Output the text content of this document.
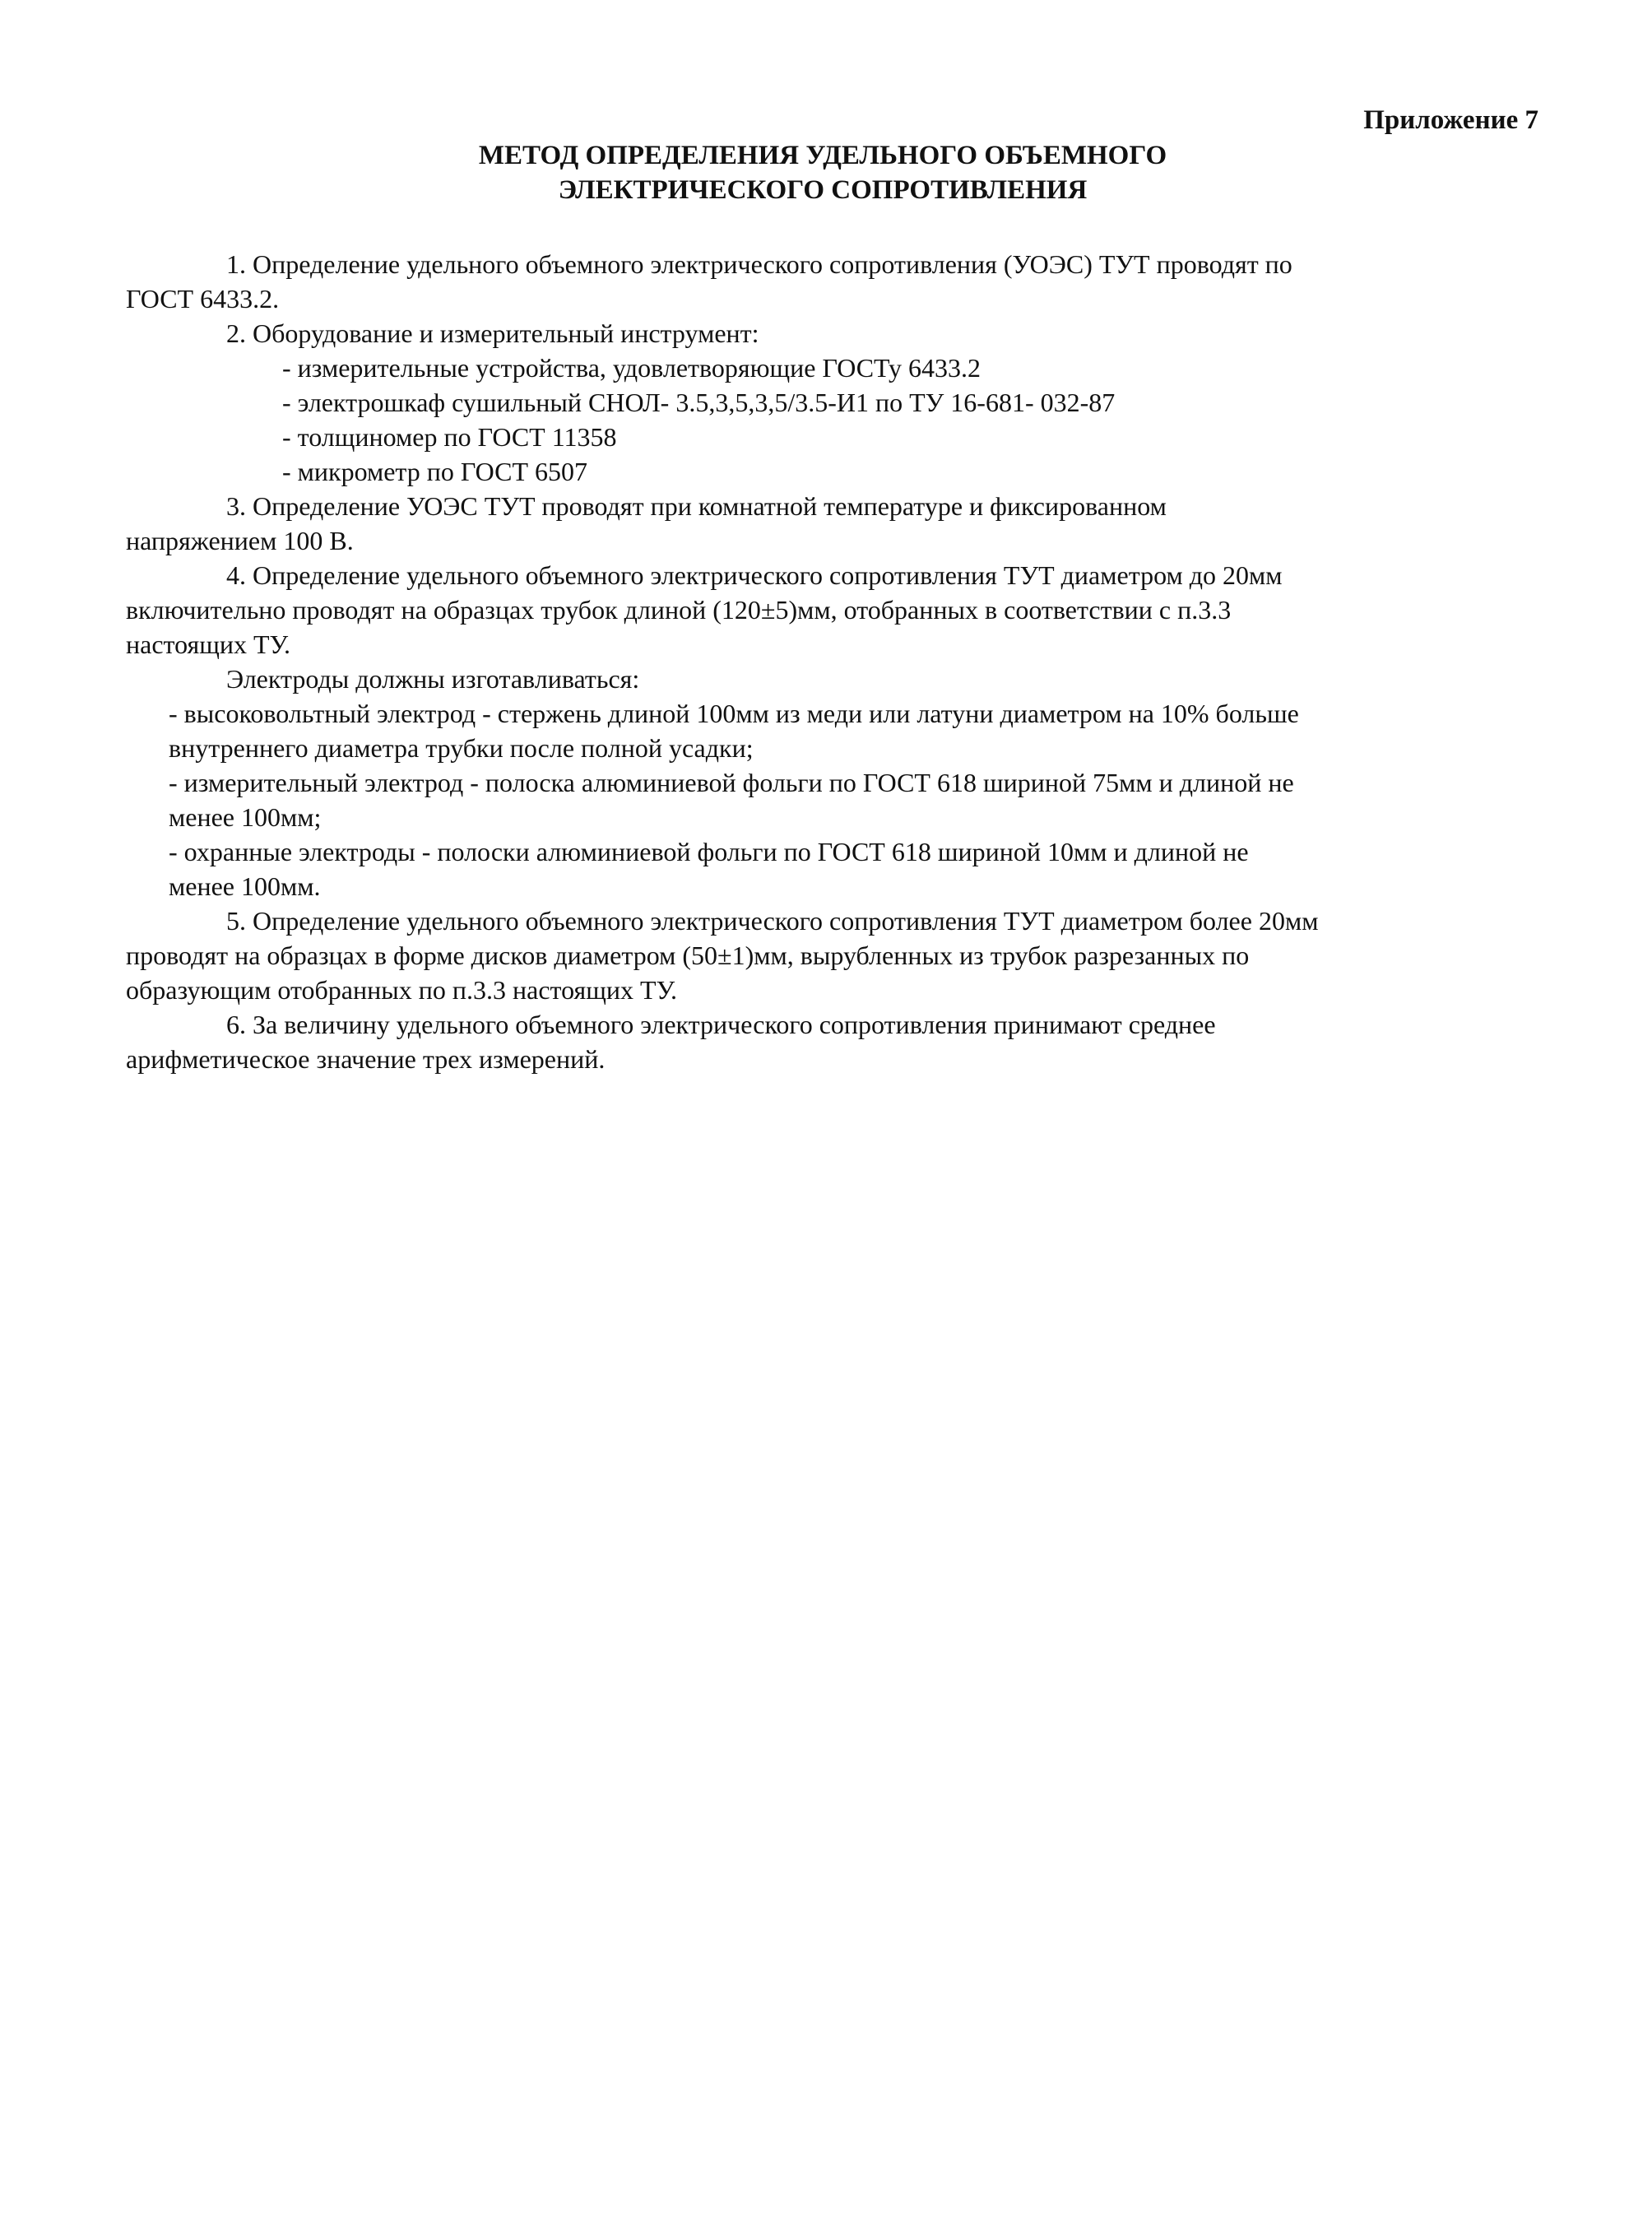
Приложение 7
МЕТОД ОПРЕДЕЛЕНИЯ УДЕЛЬНОГО ОБЪЕМНОГО
ЭЛЕКТРИЧЕСКОГО СОПРОТИВЛЕНИЯ
1. Определение удельного объемного электрического сопротивления (УОЭС) ТУТ проводят по
ГОСТ 6433.2.
2. Оборудование и измерительный инструмент:
- измерительные устройства, удовлетворяющие ГОСТу 6433.2
- электрошкаф сушильный СНОЛ- 3.5,3,5,3,5/3.5-И1 по ТУ 16-681- 032-87
- толщиномер по ГОСТ 11358
- микрометр по ГОСТ 6507
3. Определение УОЭС ТУТ проводят при комнатной температуре и фиксированном
напряжением 100 В.
4. Определение удельного объемного электрического сопротивления ТУТ диаметром до 20мм
включительно проводят на образцах трубок длиной (120±5)мм, отобранных в соответствии с п.3.3
настоящих ТУ.
Электроды должны изготавливаться:
- высоковольтный электрод - стержень длиной 100мм из меди или латуни диаметром на 10% больше
внутреннего диаметра трубки после полной усадки;
- измерительный электрод - полоска алюминиевой фольги по ГОСТ 618 шириной 75мм и длиной не
менее 100мм;
- охранные электроды - полоски алюминиевой фольги по ГОСТ 618 шириной 10мм и длиной не
менее 100мм.
5. Определение удельного объемного электрического сопротивления ТУТ диаметром более 20мм
проводят на образцах в форме дисков диаметром (50±1)мм, вырубленных из трубок разрезанных по
образующим отобранных по п.3.3 настоящих ТУ.
6. За величину удельного объемного электрического сопротивления принимают среднее
арифметическое значение трех измерений.
